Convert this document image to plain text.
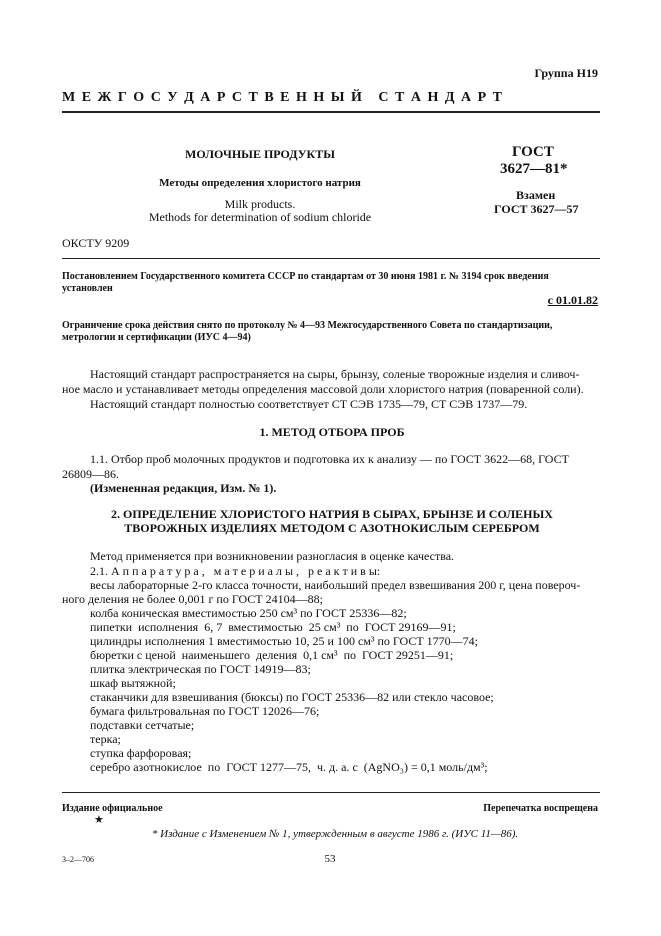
Группа Н19
М Е Ж Г О С У Д А Р С Т В Е Н Н Ы Й   С Т А Н Д А Р Т
МОЛОЧНЫЕ ПРОДУКТЫ
Методы определения хлористого натрия
Milk products.
Methods for determination of sodium chloride
ГОСТ
3627—81*
Взамен
ГОСТ 3627—57
ОКСТУ 9209
Постановлением Государственного комитета СССР по стандартам от 30 июня 1981 г. № 3194 срок введения
установлен
с 01.01.82
Ограничение срока действия снято по протоколу № 4—93 Межгосударственного Совета по стандартизации,
метрологии и сертификации (ИУС 4—94)
Настоящий стандарт распространяется на сыры, брынзу, соленые творожные изделия и сливоч-
ное масло и устанавливает методы определения массовой доли хлористого натрия (поваренной соли).
Настоящий стандарт полностью соответствует СТ СЭВ 1735—79, СТ СЭВ 1737—79.
1. МЕТОД ОТБОРА ПРОБ
1.1. Отбор проб молочных продуктов и подготовка их к анализу — по ГОСТ 3622—68, ГОСТ
26809—86.
(Измененная редакция, Изм. № 1).
2. ОПРЕДЕЛЕНИЕ ХЛОРИСТОГО НАТРИЯ В СЫРАХ, БРЫНЗЕ И СОЛЕНЫХ
ТВОРОЖНЫХ ИЗДЕЛИЯХ МЕТОДОМ С АЗОТНОКИСЛЫМ СЕРЕБРОМ
Метод применяется при возникновении разногласия в оценке качества.
2.1. А п п а р а т у р а ,   м а т е р и а л ы ,   р е а к т и в ы:
весы лабораторные 2-го класса точности, наибольший предел взвешивания 200 г, цена повероч-
ного деления не более 0,001 г по ГОСТ 24104—88;
колба коническая вместимостью 250 см³ по ГОСТ 25336—82;
пипетки  исполнения  6, 7  вместимостью  25 см³  по  ГОСТ 29169—91;
цилиндры исполнения 1 вместимостью 10, 25 и 100 см³ по ГОСТ 1770—74;
бюретки с ценой  наименьшего  деления  0,1 см³  по  ГОСТ 29251—91;
плитка электрическая по ГОСТ 14919—83;
шкаф вытяжной;
стаканчики для взвешивания (бюксы) по ГОСТ 25336—82 или стекло часовое;
бумага фильтровальная по ГОСТ 12026—76;
подставки сетчатые;
терка;
ступка фарфоровая;
серебро азотнокислое  по  ГОСТ 1277—75,  ч. д. а. с  (AgNO₃) = 0,1 моль/дм³;
Издание официальное	Перепечатка воспрещена
★
* Издание с Изменением № 1, утвержденным в августе 1986 г. (ИУС 11—86).
3–2—706	53
